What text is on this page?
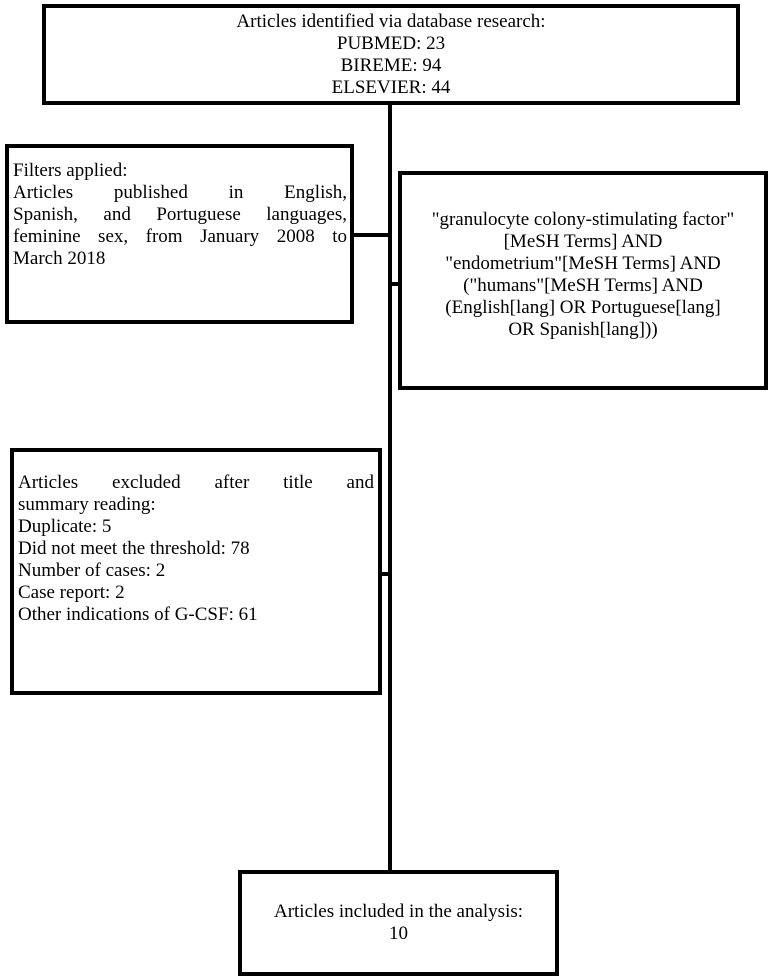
Articles identified via database research:
PUBMED: 23
BIREME: 94
ELSEVIER: 44
Filters applied:
Articles published in English,
Spanish, and Portuguese languages,
feminine sex, from January 2008 to
March 2018
"granulocyte colony-stimulating factor"
[MeSH Terms] AND
"endometrium"[MeSH Terms] AND
("humans"[MeSH Terms] AND
(English[lang] OR Portuguese[lang]
OR Spanish[lang]))
Articles excluded after title and
summary reading:
Duplicate: 5
Did not meet the threshold: 78
Number of cases: 2
Case report: 2
Other indications of G-CSF: 61
Articles included in the analysis:
10
